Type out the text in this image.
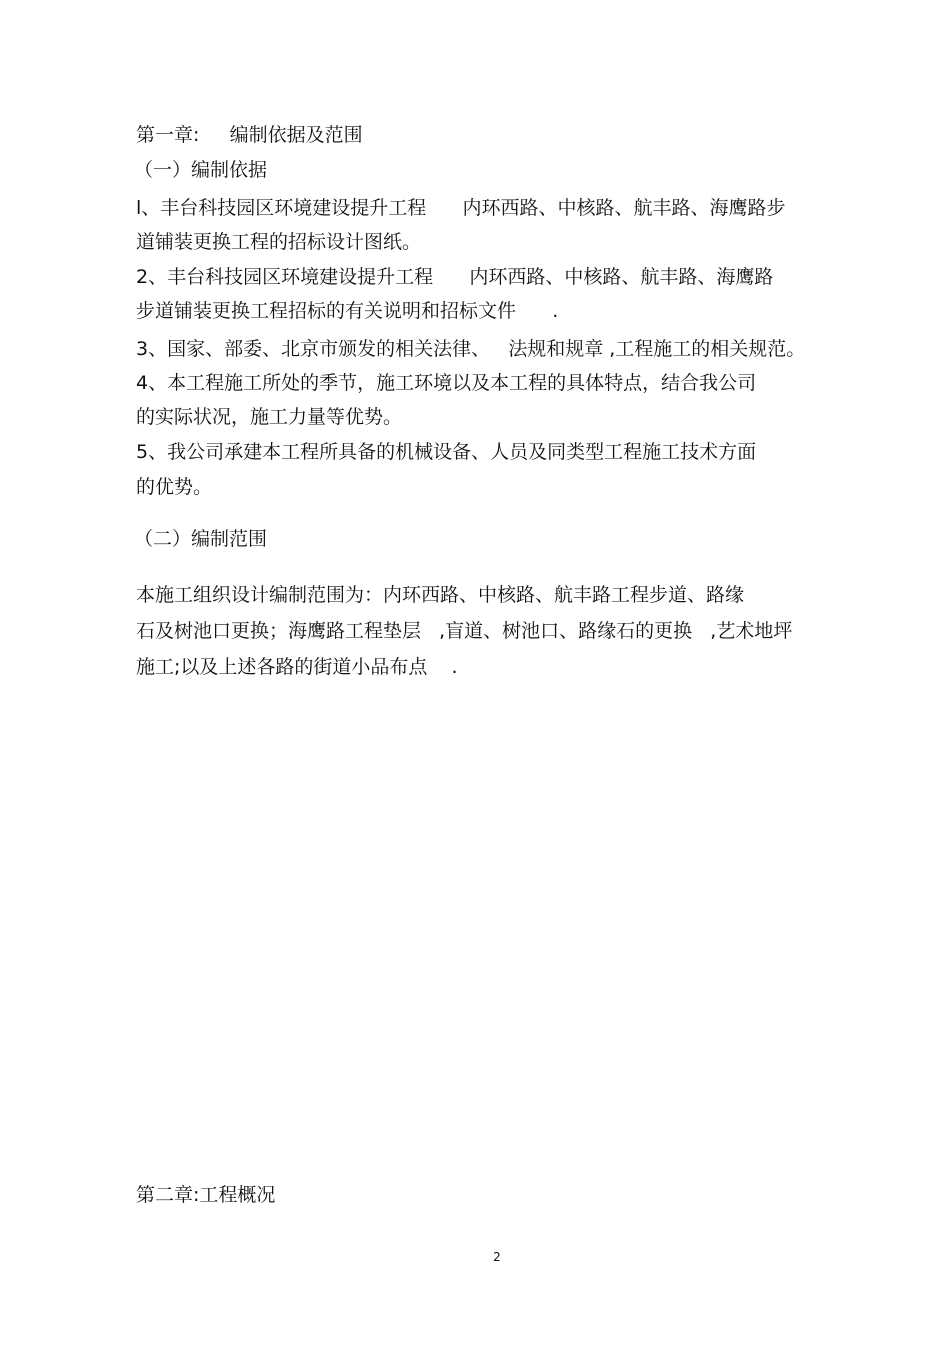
第一章:     编制依据及范围

（一）编制依据

l、丰台科技园区环境建设提升工程      内环西路、中核路、航丰路、海鹰路步

道铺装更换工程的招标设计图纸。

2、丰台科技园区环境建设提升工程      内环西路、中核路、航丰路、海鹰路

步道铺装更换工程招标的有关说明和招标文件      .

3、国家、部委、北京市颁发的相关法律、   法规和规章 ,工程施工的相关规范。

4、本工程施工所处的季节，施工环境以及本工程的具体特点，结合我公司

的实际状况，施工力量等优势。

5、我公司承建本工程所具备的机械设备、人员及同类型工程施工技术方面

的优势。

（二）编制范围

本施工组织设计编制范围为：内环西路、中核路、航丰路工程步道、路缘

石及树池口更换；海鹰路工程垫层   ,盲道、树池口、路缘石的更换   ,艺术地坪

施工;以及上述各路的街道小品布点    .

第二章:工程概况

2
